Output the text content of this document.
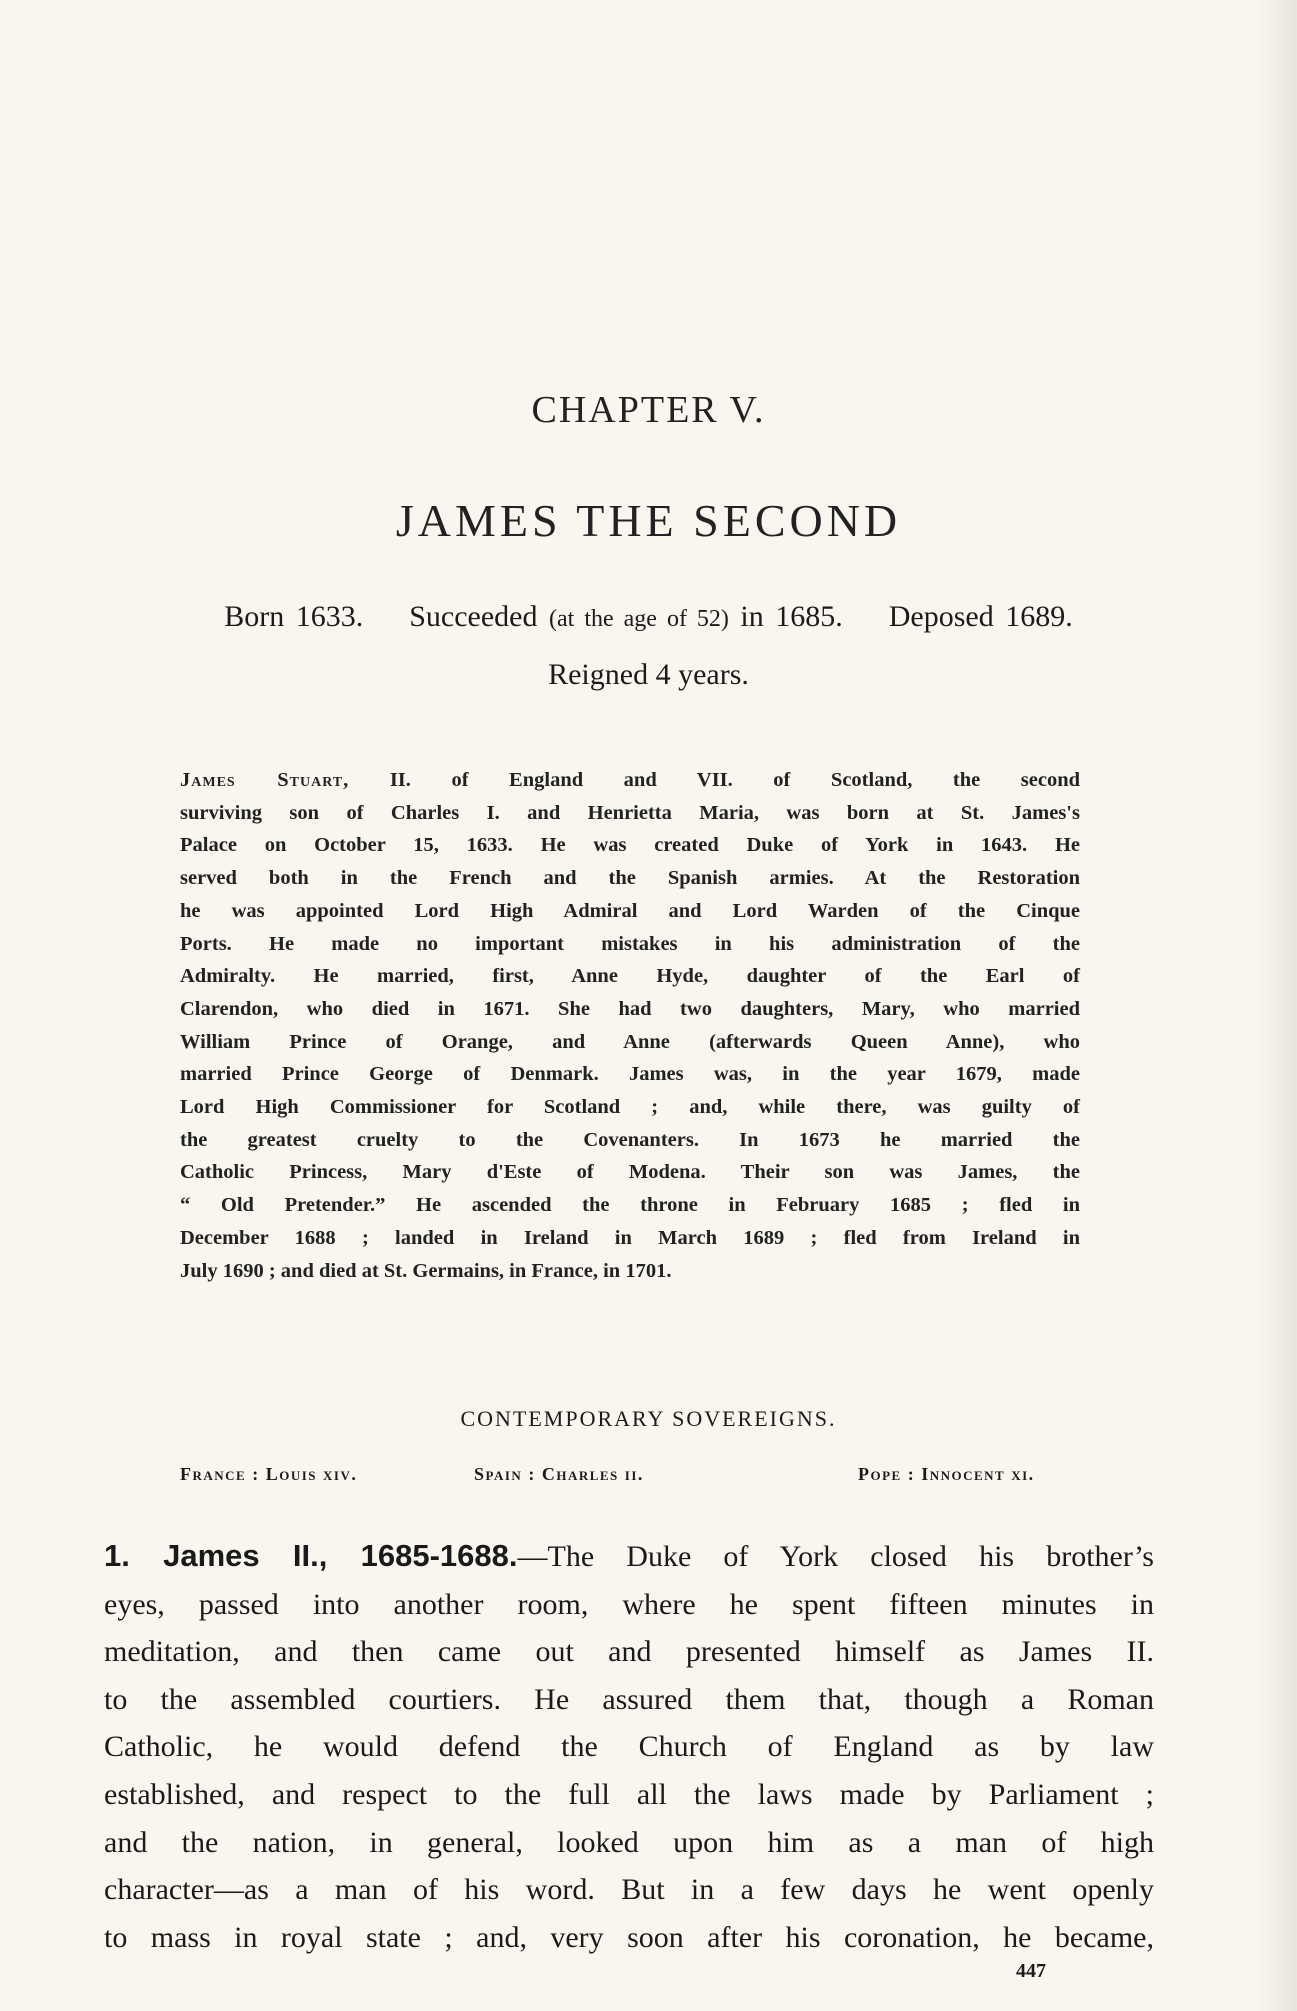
CHAPTER V.
JAMES THE SECOND
Born 1633. Succeeded (at the age of 52) in 1685. Deposed 1689.
Reigned 4 years.
James Stuart, II. of England and VII. of Scotland, the second
surviving son of Charles I. and Henrietta Maria, was born at St. James's
Palace on October 15, 1633. He was created Duke of York in 1643. He
served both in the French and the Spanish armies. At the Restoration
he was appointed Lord High Admiral and Lord Warden of the Cinque
Ports. He made no important mistakes in his administration of the
Admiralty. He married, first, Anne Hyde, daughter of the Earl of
Clarendon, who died in 1671. She had two daughters, Mary, who married
William Prince of Orange, and Anne (afterwards Queen Anne), who
married Prince George of Denmark. James was, in the year 1679, made
Lord High Commissioner for Scotland ; and, while there, was guilty of
the greatest cruelty to the Covenanters. In 1673 he married the
Catholic Princess, Mary d'Este of Modena. Their son was James, the
“ Old Pretender.” He ascended the throne in February 1685 ; fled in
December 1688 ; landed in Ireland in March 1689 ; fled from Ireland in
July 1690 ; and died at St. Germains, in France, in 1701.
CONTEMPORARY SOVEREIGNS.
France : Louis xiv.	Spain : Charles ii.	Pope : Innocent xi.
1. James II., 1685-1688.—The Duke of York closed his brother’s
eyes, passed into another room, where he spent fifteen minutes in
meditation, and then came out and presented himself as James II.
to the assembled courtiers. He assured them that, though a Roman
Catholic, he would defend the Church of England as by law
established, and respect to the full all the laws made by Parliament ;
and the nation, in general, looked upon him as a man of high
character—as a man of his word. But in a few days he went openly
to mass in royal state ; and, very soon after his coronation, he became,
447
